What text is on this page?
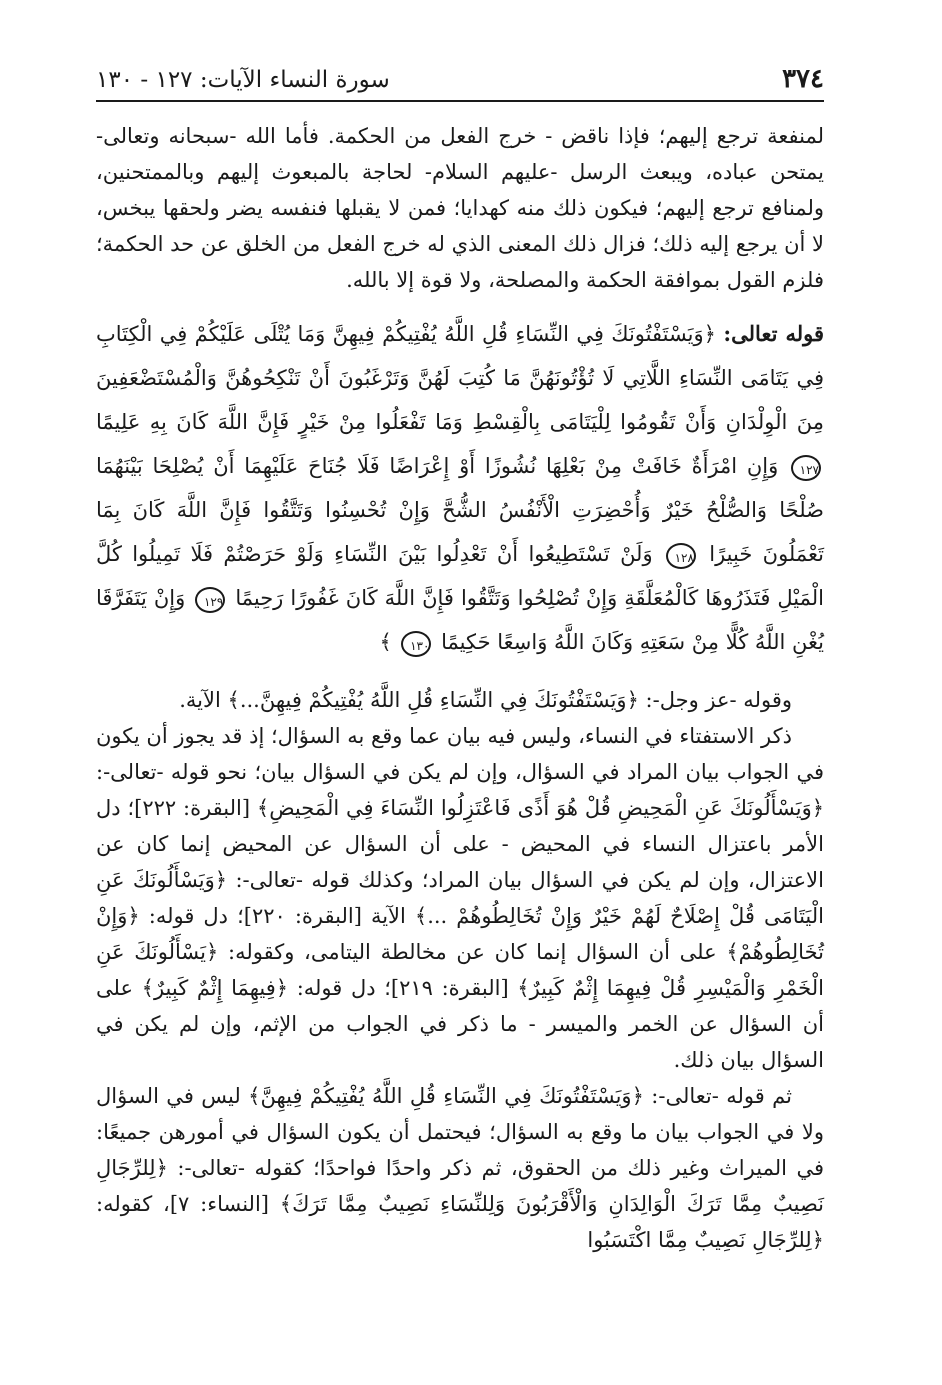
٣٧٤
سورة النساء الآيات: ١٢٧ - ١٣٠

لمنفعة ترجع إليهم؛ فإذا ناقض - خرج الفعل من الحكمة. فأما الله -سبحانه وتعالى- يمتحن عباده، ويبعث الرسل -عليهم السلام- لحاجة بالمبعوث إليهم وبالممتحنين، ولمنافع ترجع إليهم؛ فيكون ذلك منه كهدايا؛ فمن لا يقبلها فنفسه يضر ولحقها يبخس، لا أن يرجع إليه ذلك؛ فزال ذلك المعنى الذي له خرج الفعل من الخلق عن حد الحكمة؛ فلزم القول بموافقة الحكمة والمصلحة، ولا قوة إلا بالله.

قوله تعالى: ﴿وَيَسْتَفْتُونَكَ فِي النِّسَاءِ قُلِ اللَّهُ يُفْتِيكُمْ فِيهِنَّ وَمَا يُتْلَى عَلَيْكُمْ فِي الْكِتَابِ فِي يَتَامَى النِّسَاءِ اللَّاتِي لَا تُؤْتُونَهُنَّ مَا كُتِبَ لَهُنَّ وَتَرْغَبُونَ أَنْ تَنْكِحُوهُنَّ وَالْمُسْتَضْعَفِينَ مِنَ الْوِلْدَانِ وَأَنْ تَقُومُوا لِلْيَتَامَى بِالْقِسْطِ وَمَا تَفْعَلُوا مِنْ خَيْرٍ فَإِنَّ اللَّهَ كَانَ بِهِ عَلِيمًا ١٢٧ وَإِنِ امْرَأَةٌ خَافَتْ مِنْ بَعْلِهَا نُشُوزًا أَوْ إِعْرَاضًا فَلَا جُنَاحَ عَلَيْهِمَا أَنْ يُصْلِحَا بَيْنَهُمَا صُلْحًا وَالصُّلْحُ خَيْرٌ وَأُحْضِرَتِ الْأَنْفُسُ الشُّحَّ وَإِنْ تُحْسِنُوا وَتَتَّقُوا فَإِنَّ اللَّهَ كَانَ بِمَا تَعْمَلُونَ خَبِيرًا ١٢٨ وَلَنْ تَسْتَطِيعُوا أَنْ تَعْدِلُوا بَيْنَ النِّسَاءِ وَلَوْ حَرَصْتُمْ فَلَا تَمِيلُوا كُلَّ الْمَيْلِ فَتَذَرُوهَا كَالْمُعَلَّقَةِ وَإِنْ تُصْلِحُوا وَتَتَّقُوا فَإِنَّ اللَّهَ كَانَ غَفُورًا رَحِيمًا ١٢٩ وَإِنْ يَتَفَرَّقَا يُغْنِ اللَّهُ كُلًّا مِنْ سَعَتِهِ وَكَانَ اللَّهُ وَاسِعًا حَكِيمًا ١٣٠ ﴾

وقوله -عز وجل-: ﴿وَيَسْتَفْتُونَكَ فِي النِّسَاءِ قُلِ اللَّهُ يُفْتِيكُمْ فِيهِنَّ...﴾ الآية.

ذكر الاستفتاء في النساء، وليس فيه بيان عما وقع به السؤال؛ إذ قد يجوز أن يكون في الجواب بيان المراد في السؤال، وإن لم يكن في السؤال بيان؛ نحو قوله -تعالى-: ﴿وَيَسْأَلُونَكَ عَنِ الْمَحِيضِ قُلْ هُوَ أَذًى فَاعْتَزِلُوا النِّسَاءَ فِي الْمَحِيضِ﴾ [البقرة: ٢٢٢]؛ دل الأمر باعتزال النساء في المحيض - على أن السؤال عن المحيض إنما كان عن الاعتزال، وإن لم يكن في السؤال بيان المراد؛ وكذلك قوله -تعالى-: ﴿وَيَسْأَلُونَكَ عَنِ الْيَتَامَى قُلْ إِصْلَاحٌ لَهُمْ خَيْرٌ وَإِنْ تُخَالِطُوهُمْ ...﴾ الآية [البقرة: ٢٢٠]؛ دل قوله: ﴿وَإِنْ تُخَالِطُوهُمْ﴾ على أن السؤال إنما كان عن مخالطة اليتامى، وكقوله: ﴿يَسْأَلُونَكَ عَنِ الْخَمْرِ وَالْمَيْسِرِ قُلْ فِيهِمَا إِثْمٌ كَبِيرٌ﴾ [البقرة: ٢١٩]؛ دل قوله: ﴿فِيهِمَا إِثْمٌ كَبِيرٌ﴾ على أن السؤال عن الخمر والميسر - ما ذكر في الجواب من الإثم، وإن لم يكن في السؤال بيان ذلك.

ثم قوله -تعالى-: ﴿وَيَسْتَفْتُونَكَ فِي النِّسَاءِ قُلِ اللَّهُ يُفْتِيكُمْ فِيهِنَّ﴾ ليس في السؤال ولا في الجواب بيان ما وقع به السؤال؛ فيحتمل أن يكون السؤال في أمورهن جميعًا: في الميراث وغير ذلك من الحقوق، ثم ذكر واحدًا فواحدًا؛ كقوله -تعالى-: ﴿لِلرِّجَالِ نَصِيبٌ مِمَّا تَرَكَ الْوَالِدَانِ وَالْأَقْرَبُونَ وَلِلنِّسَاءِ نَصِيبٌ مِمَّا تَرَكَ﴾ [النساء: ٧]، كقوله: ﴿لِلرِّجَالِ نَصِيبٌ مِمَّا اكْتَسَبُوا
